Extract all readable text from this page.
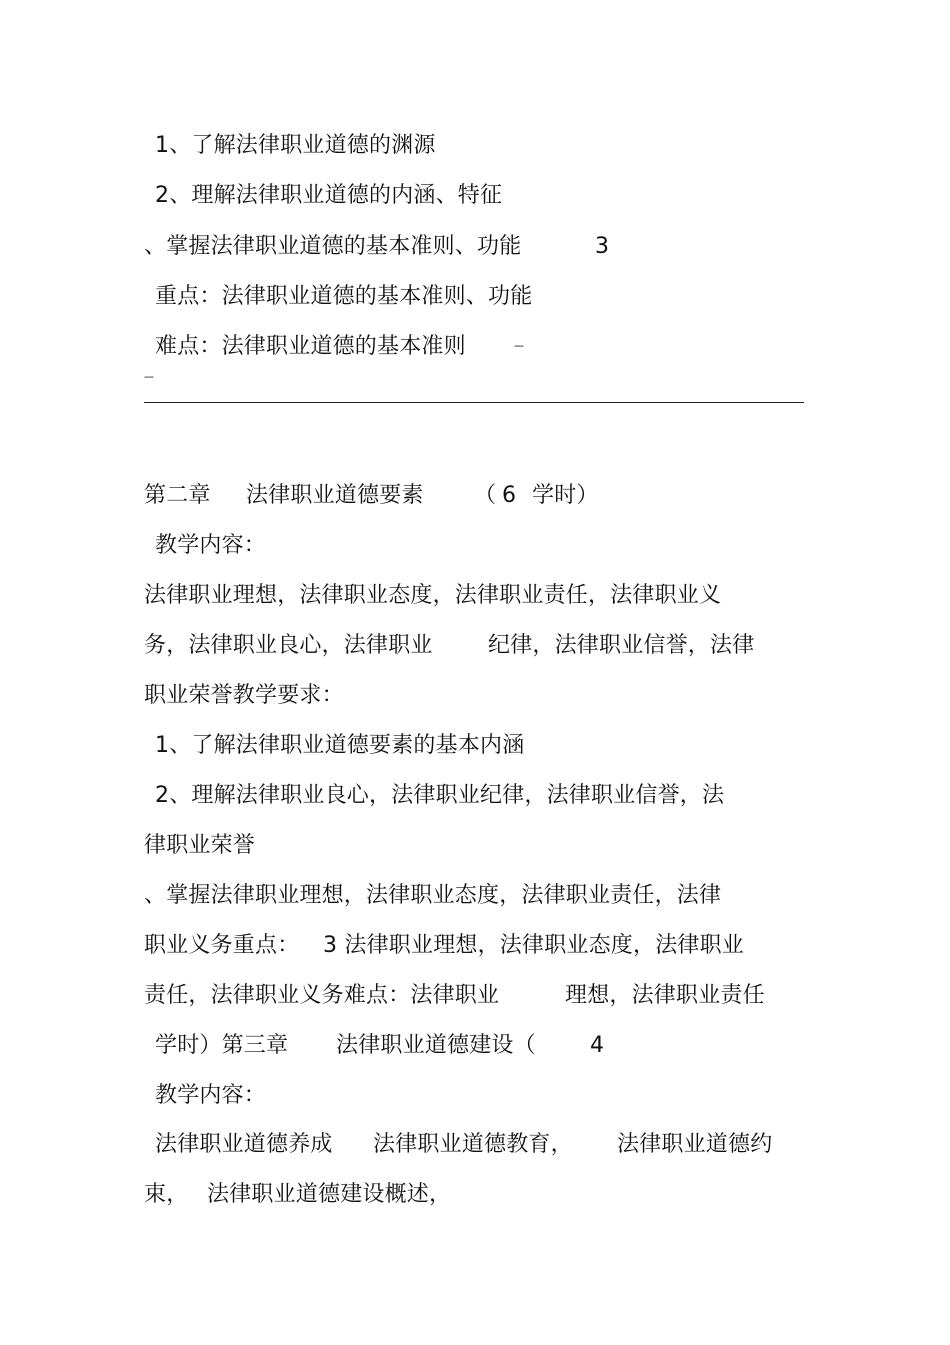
1、了解法律职业道德的渊源
2、理解法律职业道德的内涵、特征
、掌握法律职业道德的基本准则、功能	3
重点：法律职业道德的基本准则、功能
难点：法律职业道德的基本准则	---
---
第二章 法律职业道德要素 （ 6 学时）
教学内容：
法律职业理想，法律职业态度，法律职业责任，法律职业义
务，法律职业良心，法律职业	纪律，法律职业信誉，法律
职业荣誉教学要求：
1、了解法律职业道德要素的基本内涵
2、理解法律职业良心，法律职业纪律，法律职业信誉，法
律职业荣誉
、掌握法律职业理想，法律职业态度，法律职业责任，法律
职业义务重点： 3 法律职业理想，法律职业态度，法律职业
责任，法律职业义务难点：法律职业	理想，法律职业责任
学时）第三章 法律职业道德建设（ 4
教学内容：
法律职业道德养成 法律职业道德教育， 法律职业道德约
束， 法律职业道德建设概述，
